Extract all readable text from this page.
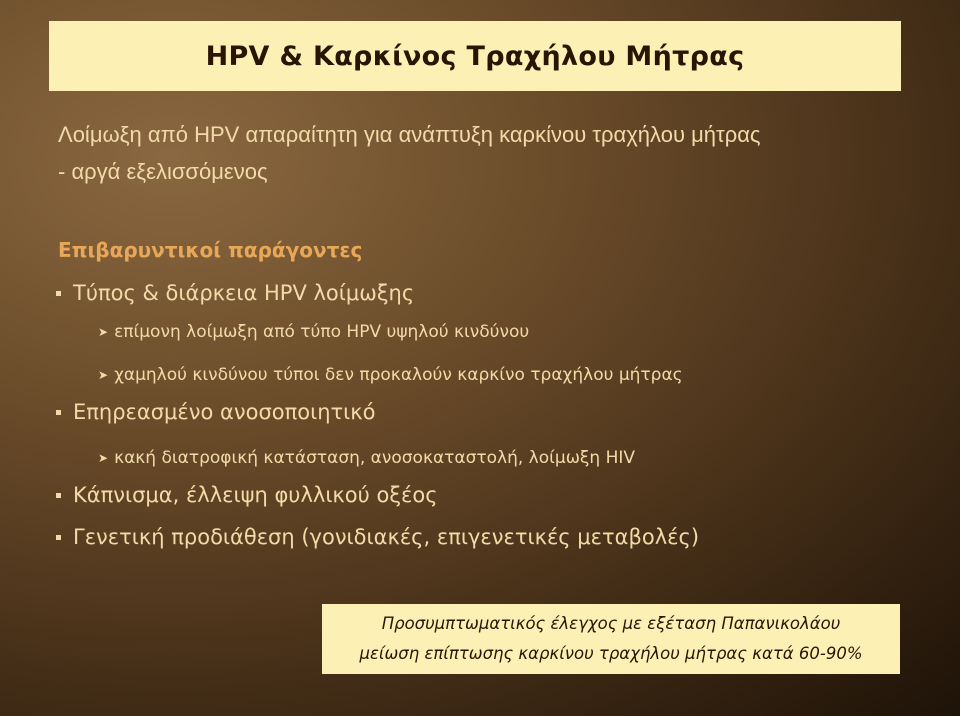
HPV & Καρκίνος Τραχήλου Μήτρας
Λοίμωξη από HPV απαραίτητη για ανάπτυξη καρκίνου τραχήλου μήτρας
- αργά εξελισσόμενος
Επιβαρυντικοί παράγοντες
Τύπος & διάρκεια HPV λοίμωξης
➤ επίμονη λοίμωξη από τύπο HPV υψηλού κινδύνου
➤ χαμηλού κινδύνου τύποι δεν προκαλούν καρκίνο τραχήλου μήτρας
Επηρεασμένο ανοσοποιητικό
➤ κακή διατροφική κατάσταση, ανοσοκαταστολή, λοίμωξη HIV
Κάπνισμα, έλλειψη φυλλικού οξέος
Γενετική προδιάθεση (γονιδιακές, επιγενετικές μεταβολές)
Προσυμπτωματικός έλεγχος με εξέταση Παπανικολάου
μείωση επίπτωσης καρκίνου τραχήλου μήτρας κατά 60-90%
